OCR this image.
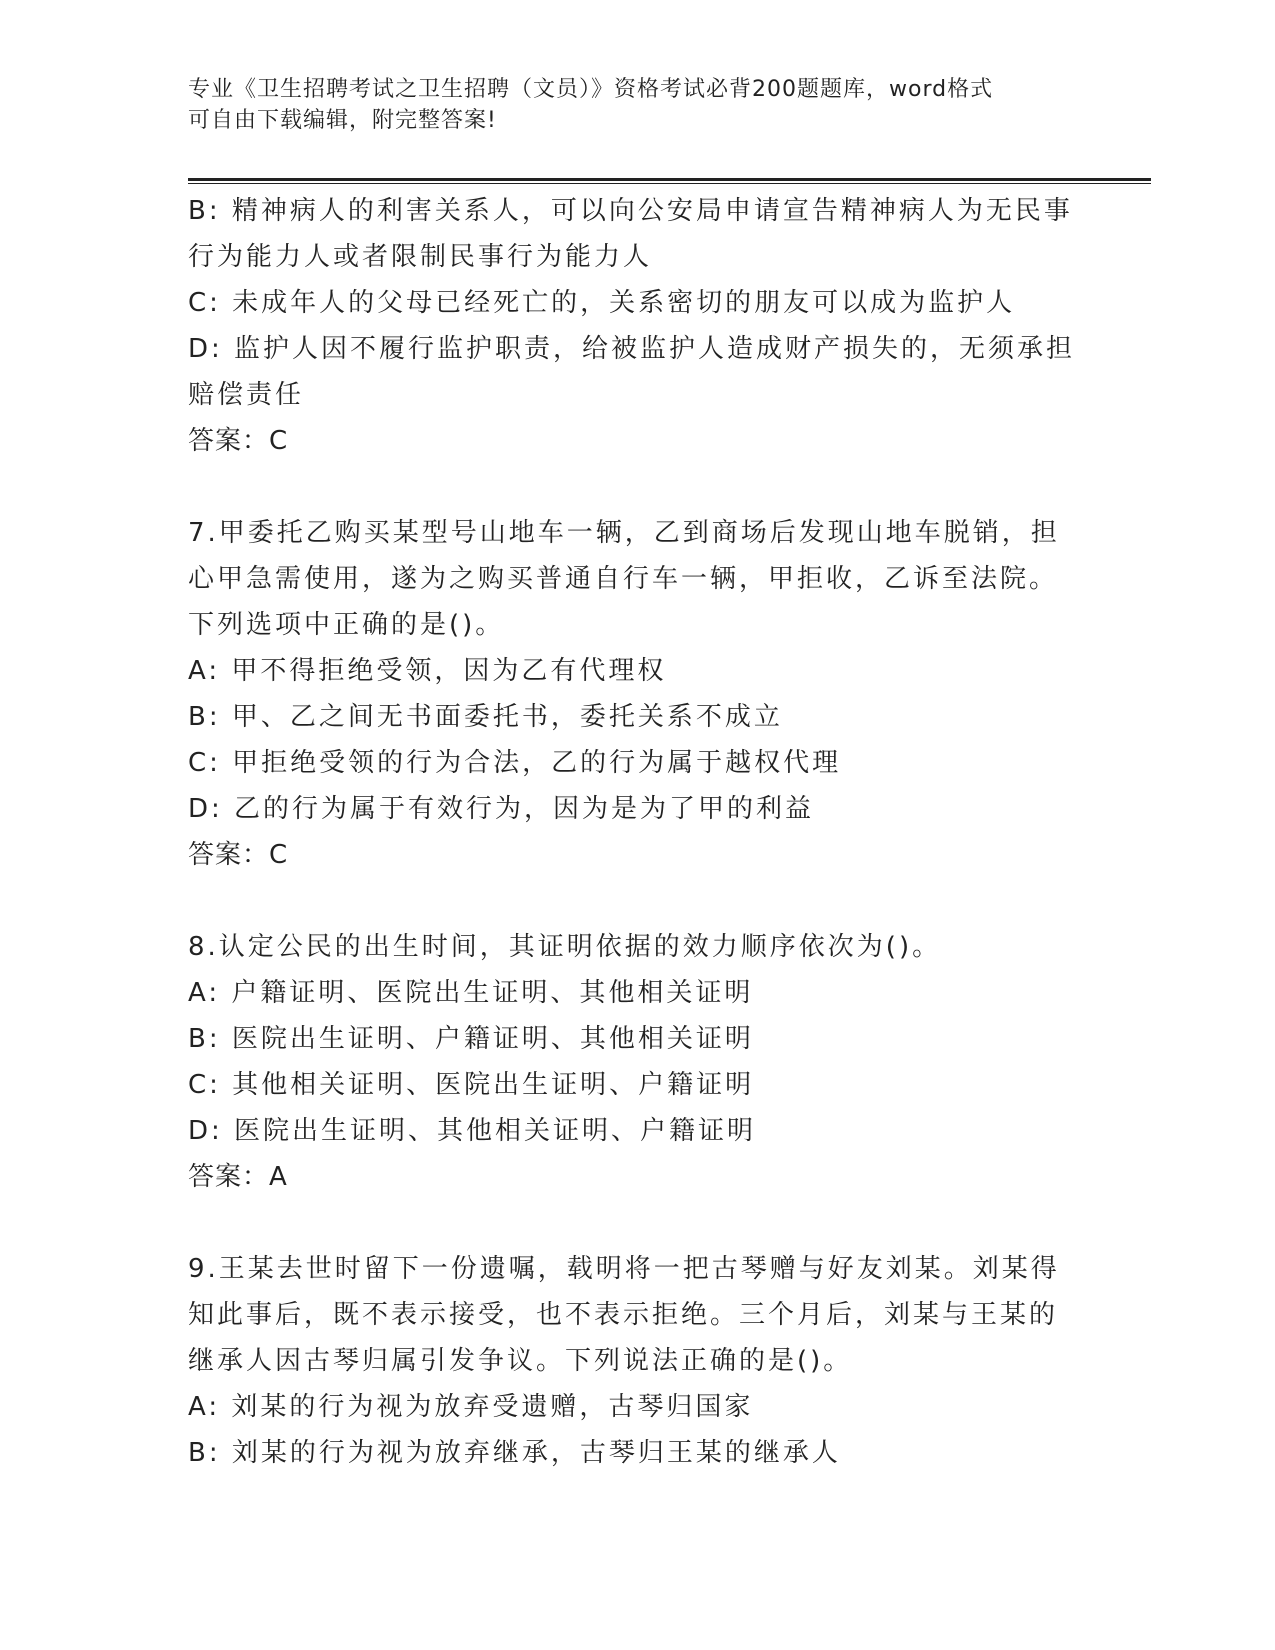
专业《卫生招聘考试之卫生招聘（文员）》资格考试必背200题题库，word格式
可自由下载编辑，附完整答案!

B: 精神病人的利害关系人，可以向公安局申请宣告精神病人为无民事

行为能力人或者限制民事行为能力人

C: 未成年人的父母已经死亡的，关系密切的朋友可以成为监护人

D: 监护人因不履行监护职责，给被监护人造成财产损失的，无须承担

赔偿责任

答案：C

7.甲委托乙购买某型号山地车一辆，乙到商场后发现山地车脱销，担

心甲急需使用，遂为之购买普通自行车一辆，甲拒收，乙诉至法院。

下列选项中正确的是()。

A: 甲不得拒绝受领，因为乙有代理权

B: 甲、乙之间无书面委托书，委托关系不成立

C: 甲拒绝受领的行为合法，乙的行为属于越权代理

D: 乙的行为属于有效行为，因为是为了甲的利益

答案：C

8.认定公民的出生时间，其证明依据的效力顺序依次为()。

A: 户籍证明、医院出生证明、其他相关证明

B: 医院出生证明、户籍证明、其他相关证明

C: 其他相关证明、医院出生证明、户籍证明

D: 医院出生证明、其他相关证明、户籍证明

答案：A

9.王某去世时留下一份遗嘱，载明将一把古琴赠与好友刘某。刘某得

知此事后，既不表示接受，也不表示拒绝。三个月后，刘某与王某的

继承人因古琴归属引发争议。下列说法正确的是()。

A: 刘某的行为视为放弃受遗赠，古琴归国家

B: 刘某的行为视为放弃继承，古琴归王某的继承人
